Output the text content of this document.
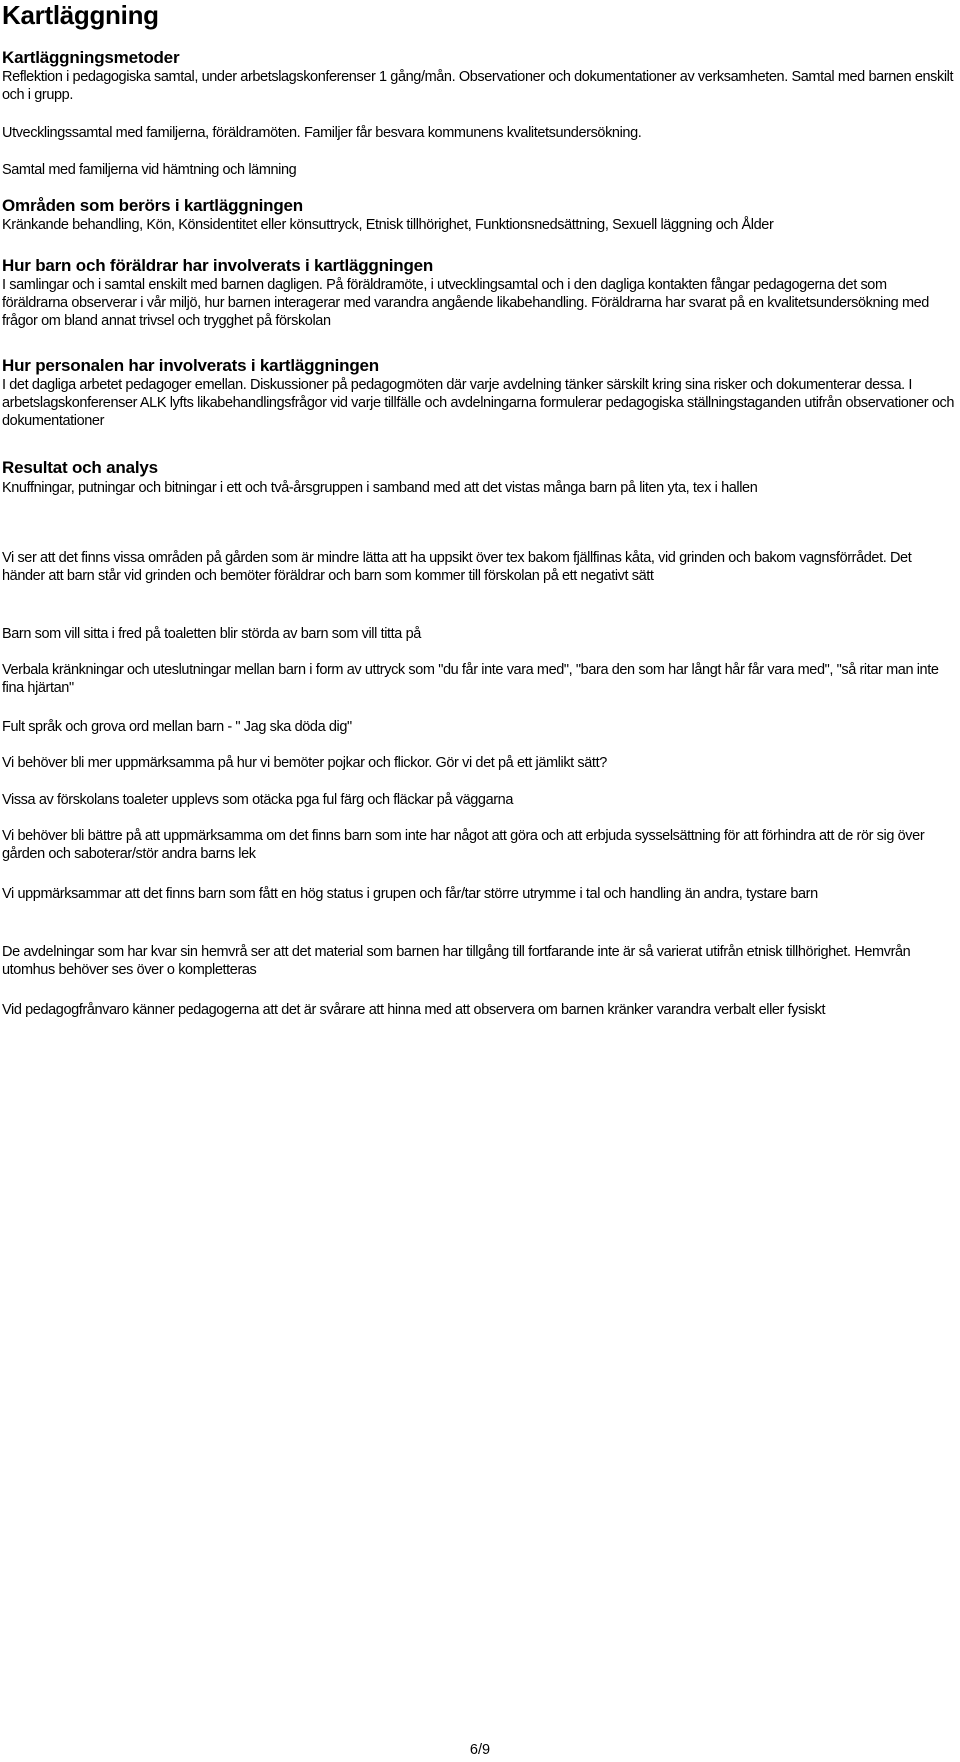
Kartläggning
Kartläggningsmetoder

Reflektion i pedagogiska samtal, under arbetslagskonferenser 1 gång/mån. Observationer och dokumentationer av verksamheten. Samtal med barnen enskilt och i grupp.

Utvecklingssamtal med familjerna, föräldramöten. Familjer får besvara kommunens kvalitetsundersökning.

Samtal med familjerna vid hämtning och lämning

Områden som berörs i kartläggningen

Kränkande behandling, Kön, Könsidentitet eller könsuttryck, Etnisk tillhörighet, Funktionsnedsättning, Sexuell läggning och Ålder

Hur barn och föräldrar har involverats i kartläggningen

I samlingar och i samtal enskilt med barnen dagligen. På föräldramöte, i utvecklingsamtal och i den dagliga kontakten fångar pedagogerna det som föräldrarna observerar i vår miljö, hur barnen interagerar med varandra angående likabehandling. Föräldrarna har svarat på en kvalitetsundersökning med frågor om bland annat trivsel och trygghet på förskolan

Hur personalen har involverats i kartläggningen

I det dagliga arbetet pedagoger emellan. Diskussioner på pedagogmöten där varje avdelning tänker särskilt kring sina risker och dokumenterar dessa. I arbetslagskonferenser ALK lyfts likabehandlingsfrågor vid varje tillfälle och avdelningarna formulerar pedagogiska ställningstaganden utifrån observationer och dokumentationer

Resultat och analys

Knuffningar, putningar och bitningar i ett och två-årsgruppen i samband med att det vistas många barn på liten yta, tex i hallen

Vi ser att det finns vissa områden på gården som är mindre lätta att ha uppsikt över tex bakom fjällfinas kåta, vid grinden och bakom vagnsförrådet. Det händer att barn står vid grinden och bemöter föräldrar och barn som kommer till förskolan på ett negativt sätt

Barn som vill sitta i fred på toaletten blir störda av barn som vill titta på

Verbala kränkningar och uteslutningar mellan barn i form av uttryck som "du får inte vara med", "bara den som har långt hår får vara med", "så ritar man inte fina hjärtan"

Fult språk och grova ord mellan barn - " Jag ska döda dig"

Vi behöver bli mer uppmärksamma på hur vi bemöter pojkar och flickor. Gör vi det på ett jämlikt sätt?

Vissa av förskolans toaleter upplevs som otäcka pga ful färg och fläckar på väggarna

Vi behöver bli bättre på att uppmärksamma om det finns barn som inte har något att göra och att erbjuda sysselsättning för att förhindra att de rör sig över gården och saboterar/stör andra barns lek

Vi uppmärksammar att det finns barn som fått en hög status i grupen och får/tar större utrymme i tal och handling än andra, tystare barn

De avdelningar som har kvar sin hemvrå ser att det material som barnen har tillgång till fortfarande inte är så varierat utifrån etnisk tillhörighet. Hemvrån utomhus behöver ses över o kompletteras

Vid pedagogfrånvaro känner pedagogerna att det är svårare att hinna med att observera om barnen kränker varandra verbalt eller fysiskt

6/9
